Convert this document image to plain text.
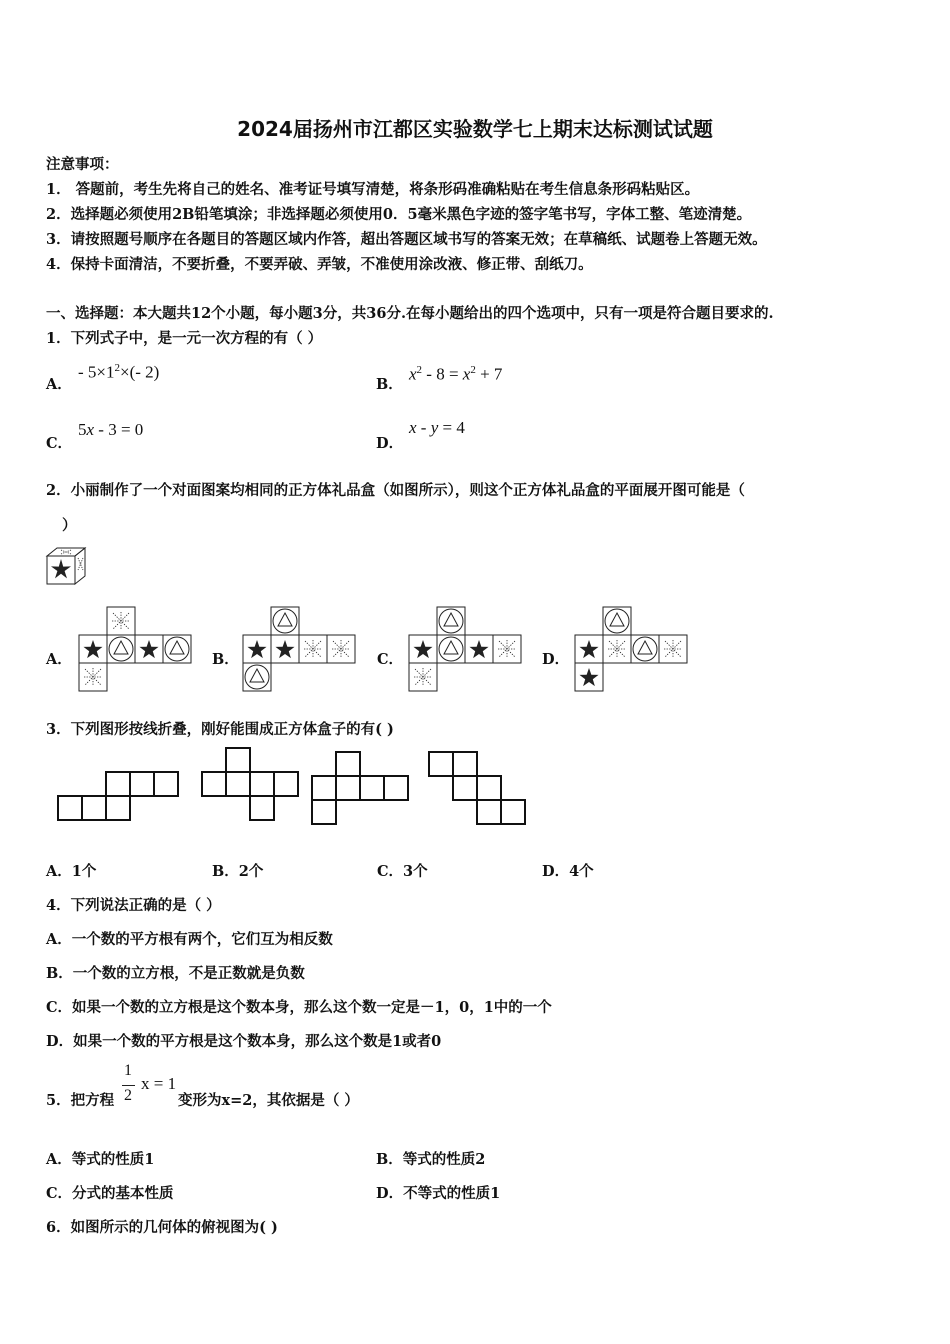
2024届扬州市江都区实验数学七上期末达标测试试题
注意事项：
1． 答题前，考生先将自己的姓名、准考证号填写清楚，将条形码准确粘贴在考生信息条形码粘贴区。
2．选择题必须使用2B铅笔填涂；非选择题必须使用0．5毫米黑色字迹的签字笔书写，字体工整、笔迹清楚。
3．请按照题号顺序在各题目的答题区域内作答，超出答题区域书写的答案无效；在草稿纸、试题卷上答题无效。
4．保持卡面清洁，不要折叠，不要弄破、弄皱，不准使用涂改液、修正带、刮纸刀。
一、选择题：本大题共12个小题，每小题3分，共36分.在每小题给出的四个选项中，只有一项是符合题目要求的.
1．下列式子中，是一元一次方程的有（ ）
A．
- $5\times 1^2\times(-$ 2)
B．
$x^2 - 8 = x^2 + 7$
C．
5x - 3 = 0
D．
x - y = 4
2．小丽制作了一个对面图案均相同的正方体礼品盒（如图所示），则这个正方体礼品盒的平面展开图可能是（
）
A．	B．	C．	D．
3．下列图形按线折叠，刚好能围成正方体盒子的有( )
A．1个	B．2个	C．3个	D．4个
4．下列说法正确的是（ ）
A．一个数的平方根有两个，它们互为相反数
B．一个数的立方根，不是正数就是负数
C．如果一个数的立方根是这个数本身，那么这个数一定是－1，0，1中的一个
D．如果一个数的平方根是这个数本身，那么这个数是1或者0
5．把方程
1
2
x = 1
变形为x=2，其依据是（ ）
A．等式的性质1	B．等式的性质2
C．分式的基本性质	D．不等式的性质1
6．如图所示的几何体的俯视图为( )
